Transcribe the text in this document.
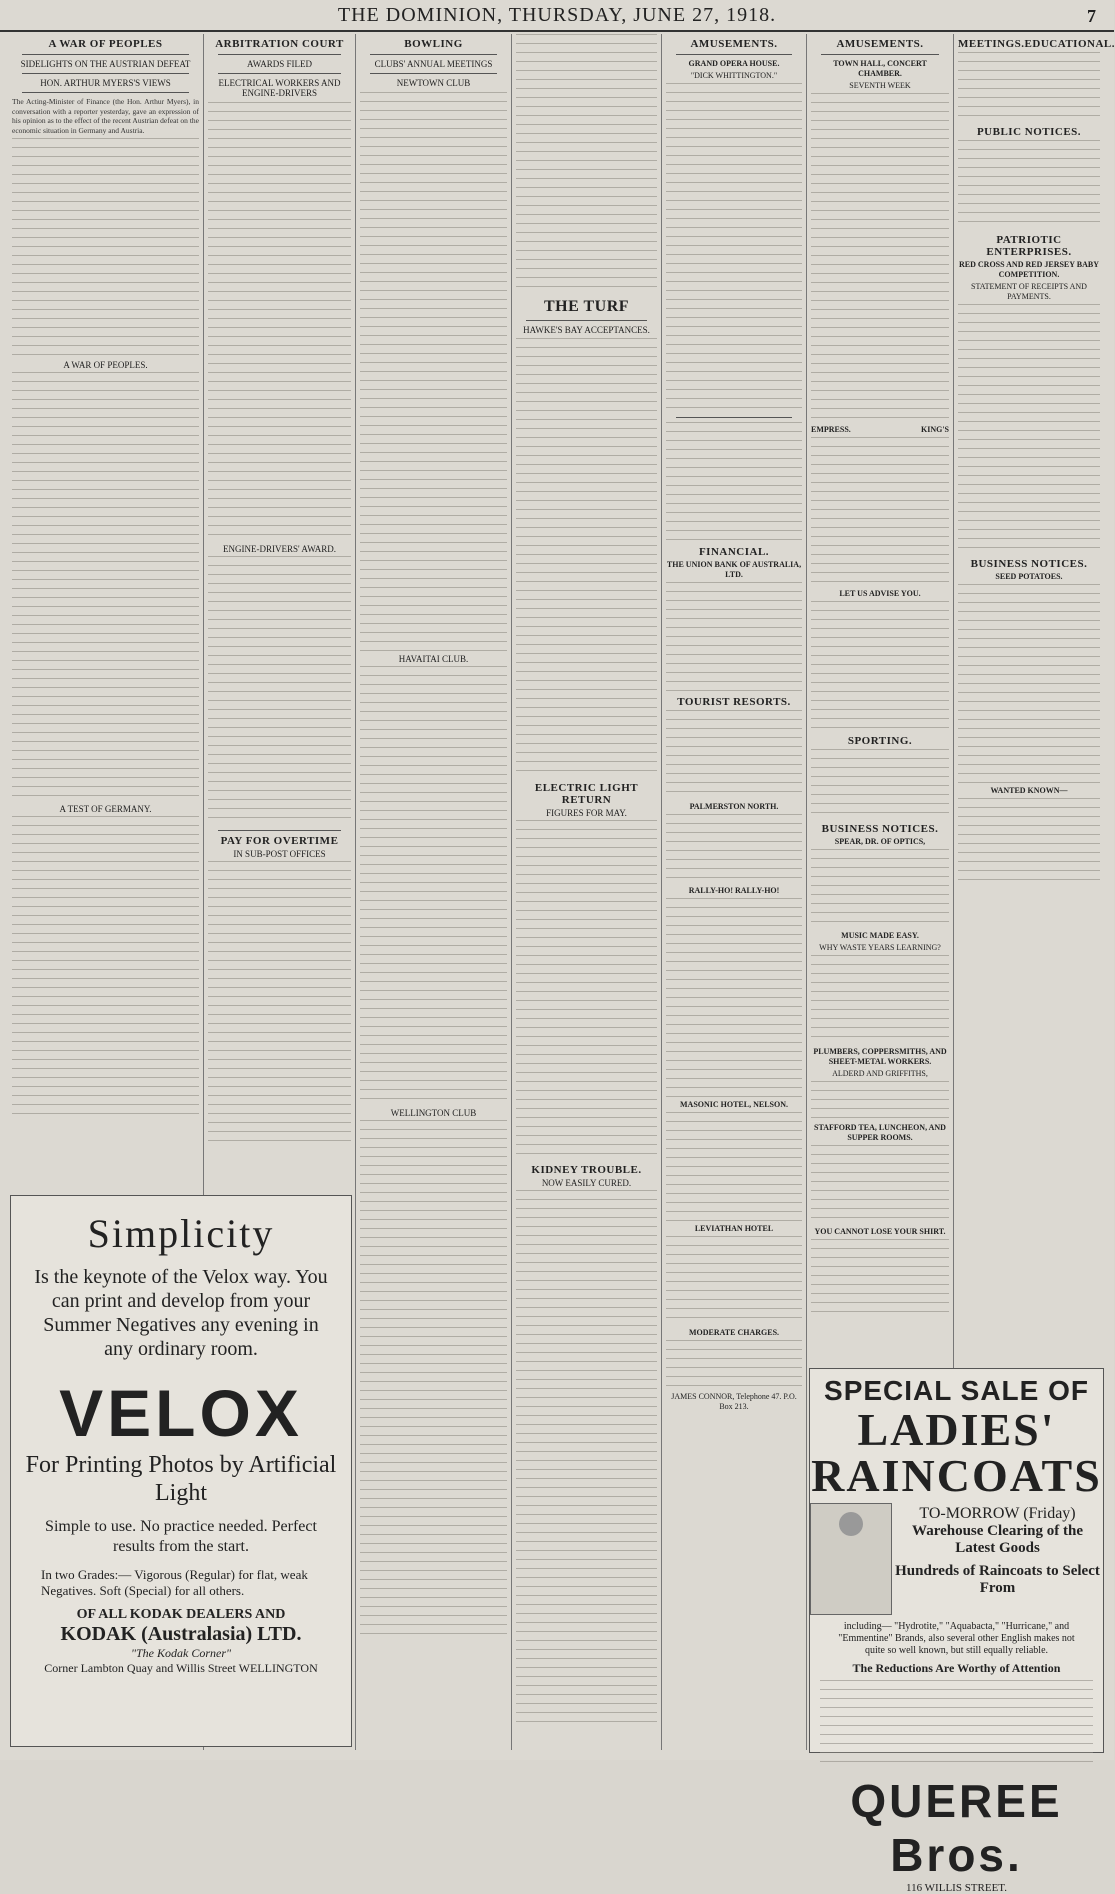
THE DOMINION, THURSDAY, JUNE 27, 1918.	7
A WAR OF PEOPLES
SIDELIGHTS ON THE AUSTRIAN DEFEAT
HON. ARTHUR MYERS'S VIEWS
The Acting-Minister of Finance (the Hon. Arthur Myers), in conversation with a reporter yesterday, gave an expression of his opinion as to the effect of the recent Austrian defeat on the economic situation in Germany and Austria.
A WAR OF PEOPLES.
A TEST OF GERMANY.
ARBITRATION COURT
AWARDS FILED
ELECTRICAL WORKERS AND ENGINE-DRIVERS
ENGINE-DRIVERS' AWARD.
PAY FOR OVERTIME
IN SUB-POST OFFICES
BOWLING
CLUBS' ANNUAL MEETINGS
NEWTOWN CLUB
HAVAITAI CLUB.
WELLINGTON CLUB
THE TURF
HAWKE'S BAY ACCEPTANCES.
ELECTRIC LIGHT RETURN
FIGURES FOR MAY.
KIDNEY TROUBLE.
NOW EASILY CURED.
AMUSEMENTS.
GRAND OPERA HOUSE.
"DICK WHITTINGTON."
FINANCIAL.
THE UNION BANK OF AUSTRALIA, LTD.
TOURIST RESORTS.
PALMERSTON NORTH.
RALLY-HO! RALLY-HO!
MASONIC HOTEL, NELSON.
LEVIATHAN HOTEL
MODERATE CHARGES.
JAMES CONNOR, Telephone 47. P.O. Box 213.
AMUSEMENTS.
TOWN HALL, CONCERT CHAMBER.
SEVENTH WEEK
EMPRESS.	KING'S
LET US ADVISE YOU.
SPORTING.
BUSINESS NOTICES.
SPEAR, DR. OF OPTICS,
MUSIC MADE EASY.
WHY WASTE YEARS LEARNING?
PLUMBERS, COPPERSMITHS, AND SHEET-METAL WORKERS.
ALDERD AND GRIFFITHS,
STAFFORD TEA, LUNCHEON, AND SUPPER ROOMS.
YOU CANNOT LOSE YOUR SHIRT.
MEETINGS. EDUCATIONAL.
PUBLIC NOTICES.
PATRIOTIC ENTERPRISES.
RED CROSS AND RED JERSEY BABY COMPETITION.
STATEMENT OF RECEIPTS AND PAYMENTS.
BUSINESS NOTICES.
SEED POTATOES.
WANTED KNOWN—
Simplicity
Is the keynote of the Velox way. You can print and develop from your Summer Negatives any evening in any ordinary room.
VELOX
For Printing Photos by Artificial Light
Simple to use. No practice needed. Perfect results from the start.
In two Grades:— Vigorous (Regular) for flat, weak Negatives. Soft (Special) for all others.
OF ALL KODAK DEALERS AND
KODAK (Australasia) LTD.
"The Kodak Corner"
Corner Lambton Quay and Willis Street WELLINGTON
SPECIAL SALE OF
LADIES' RAINCOATS
TO-MORROW (Friday)
Warehouse Clearing of the Latest Goods
Hundreds of Raincoats to Select From
including— "Hydrotite," "Aquabacta," "Hurricane," and "Emmentine" Brands, also several other English makes not quite so well known, but still equally reliable.
The Reductions Are Worthy of Attention
QUEREE Bros.
116 WILLIS STREET.
